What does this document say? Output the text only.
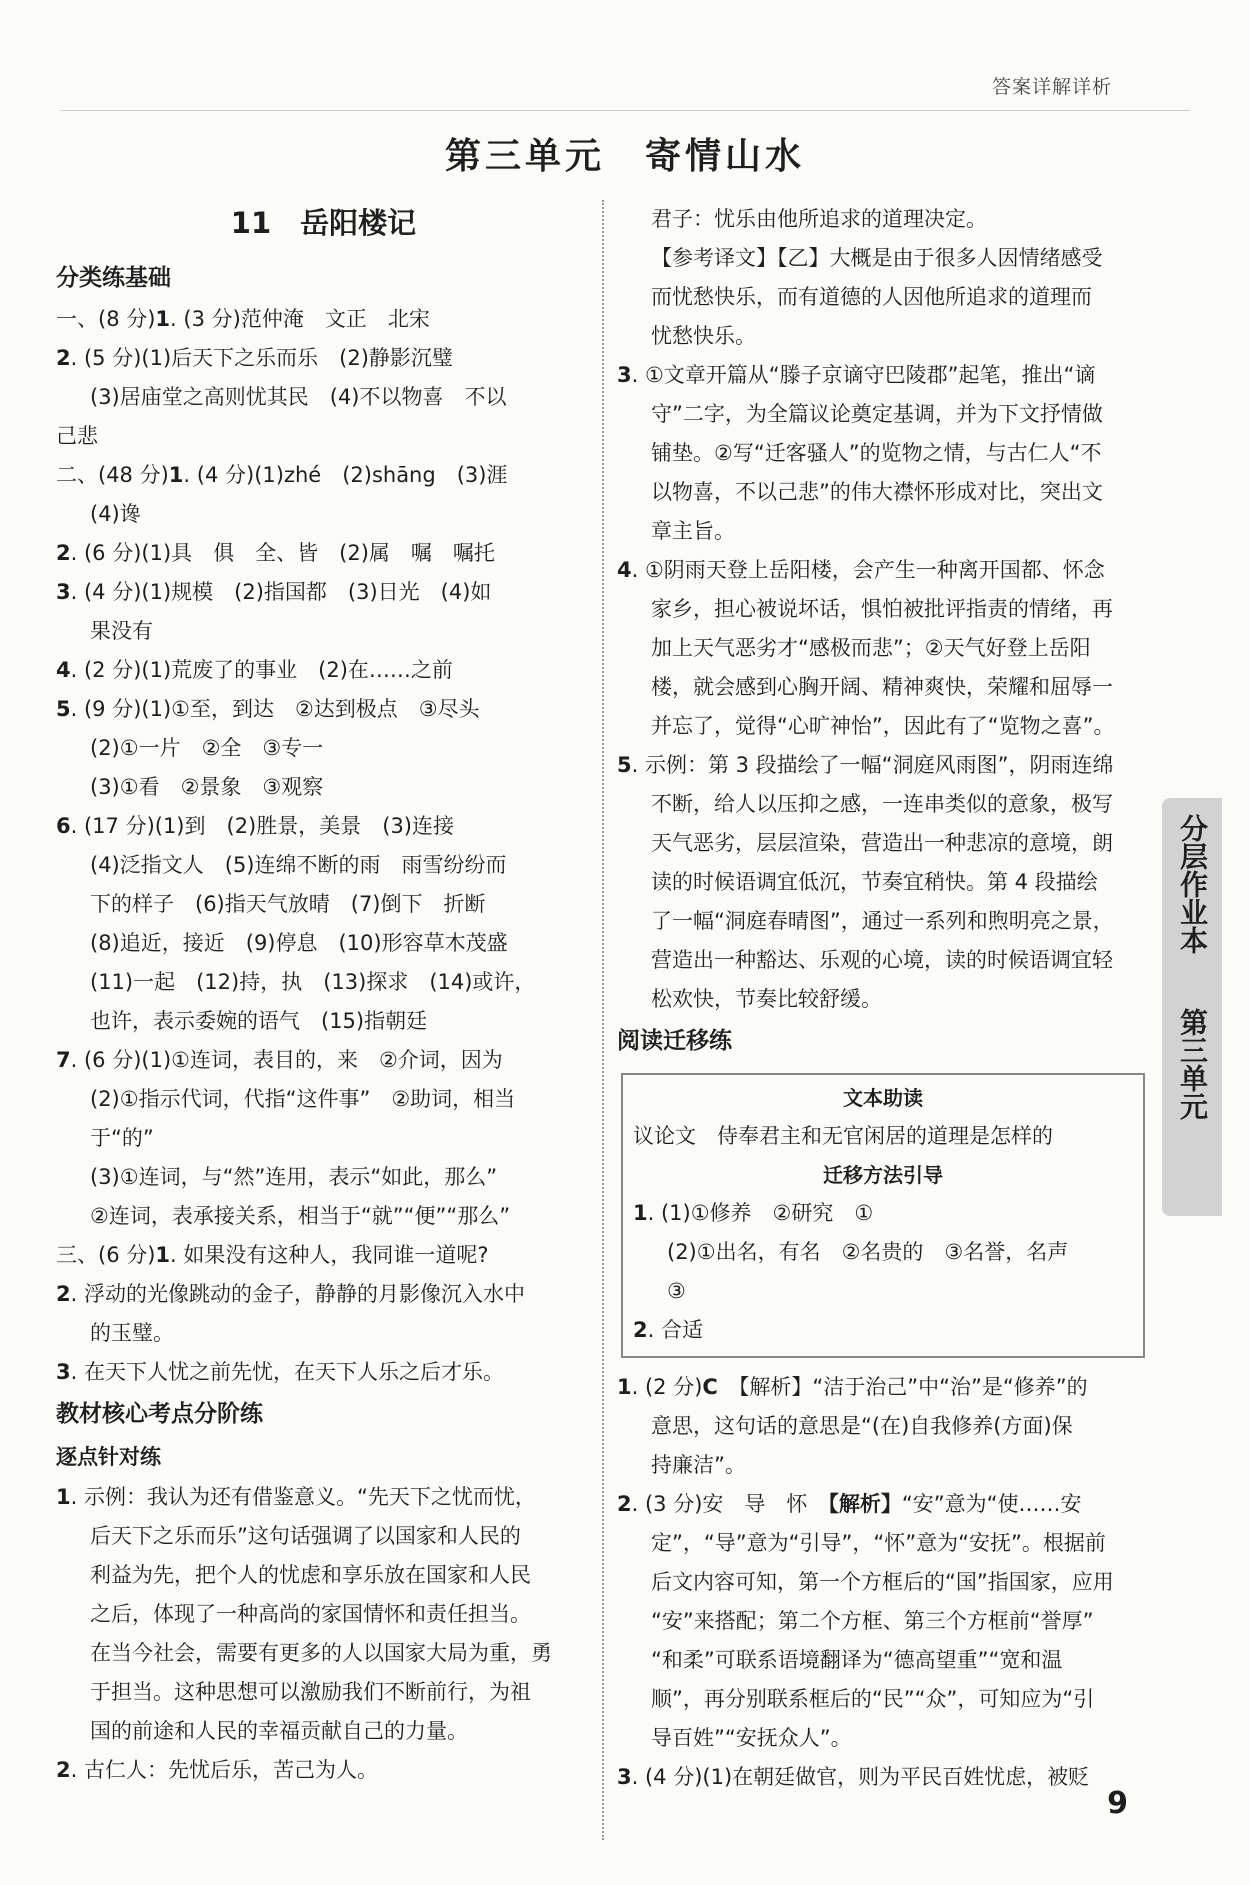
答案详解详析
第三单元 寄情山水
11　 岳阳楼记
分类练基础
一、(8 分)1. (3 分)范仲淹　文正　北宋
2. (5 分)(1)后天下之乐而乐　(2)静影沉璧
(3)居庙堂之高则忧其民　(4)不以物喜　不以
己悲
二、(48 分)1. (4 分)(1)zhé　(2)shāng　(3)涯
(4)谗
2. (6 分)(1)具　俱　全、皆　(2)属　嘱　嘱托
3. (4 分)(1)规模　(2)指国都　(3)日光　(4)如
果没有
4. (2 分)(1)荒废了的事业　(2)在……之前
5. (9 分)(1)①至，到达　②达到极点　③尽头
(2)①一片　②全　③专一
(3)①看　②景象　③观察
6. (17 分)(1)到　(2)胜景，美景　(3)连接
(4)泛指文人　(5)连绵不断的雨　雨雪纷纷而
下的样子　(6)指天气放晴　(7)倒下　折断
(8)追近，接近　(9)停息　(10)形容草木茂盛
(11)一起　(12)持，执　(13)探求　(14)或许，
也许，表示委婉的语气　(15)指朝廷
7. (6 分)(1)①连词，表目的，来　②介词，因为
(2)①指示代词，代指“这件事”　②助词，相当
于“的”
(3)①连词，与“然”连用，表示“如此，那么”
②连词，表承接关系，相当于“就”“便”“那么”
三、(6 分)1. 如果没有这种人，我同谁一道呢?
2. 浮动的光像跳动的金子，静静的月影像沉入水中
的玉璧。
3. 在天下人忧之前先忧，在天下人乐之后才乐。
教材核心考点分阶练
逐点针对练
1. 示例：我认为还有借鉴意义。“先天下之忧而忧，
后天下之乐而乐”这句话强调了以国家和人民的
利益为先，把个人的忧虑和享乐放在国家和人民
之后，体现了一种高尚的家国情怀和责任担当。
在当今社会，需要有更多的人以国家大局为重，勇
于担当。这种思想可以激励我们不断前行，为祖
国的前途和人民的幸福贡献自己的力量。
2. 古仁人：先忧后乐，苦己为人。
君子：忧乐由他所追求的道理决定。
【参考译文】【乙】大概是由于很多人因情绪感受
而忧愁快乐，而有道德的人因他所追求的道理而
忧愁快乐。
3. ①文章开篇从“滕子京谪守巴陵郡”起笔，推出“谪
守”二字，为全篇议论奠定基调，并为下文抒情做
铺垫。②写“迁客骚人”的览物之情，与古仁人“不
以物喜，不以己悲”的伟大襟怀形成对比，突出文
章主旨。
4. ①阴雨天登上岳阳楼，会产生一种离开国都、怀念
家乡，担心被说坏话，惧怕被批评指责的情绪，再
加上天气恶劣才“感极而悲”；②天气好登上岳阳
楼，就会感到心胸开阔、精神爽快，荣耀和屈辱一
并忘了，觉得“心旷神怡”，因此有了“览物之喜”。
5. 示例：第 3 段描绘了一幅“洞庭风雨图”，阴雨连绵
不断，给人以压抑之感，一连串类似的意象，极写
天气恶劣，层层渲染，营造出一种悲凉的意境，朗
读的时候语调宜低沉，节奏宜稍快。第 4 段描绘
了一幅“洞庭春晴图”，通过一系列和煦明亮之景，
营造出一种豁达、乐观的心境，读的时候语调宜轻
松欢快，节奏比较舒缓。
阅读迁移练
文本助读
议论文　侍奉君主和无官闲居的道理是怎样的
迁移方法引导
1. (1)①修养　②研究　①
(2)①出名，有名　②名贵的　③名誉，名声
③
2. 合适
1. (2 分)C　【解析】“洁于治己”中“治”是“修养”的
意思，这句话的意思是“(在)自我修养(方面)保
持廉洁”。
2. (3 分)安　导　怀　【解析】“安”意为“使……安
定”，“导”意为“引导”，“怀”意为“安抚”。根据前
后文内容可知，第一个方框后的“国”指国家，应用
“安”来搭配；第二个方框、第三个方框前“誉厚”
“和柔”可联系语境翻译为“德高望重”“宽和温
顺”，再分别联系框后的“民”“众”，可知应为“引
导百姓”“安抚众人”。
3. (4 分)(1)在朝廷做官，则为平民百姓忧虑，被贬
分层作业本
第三单元
9
